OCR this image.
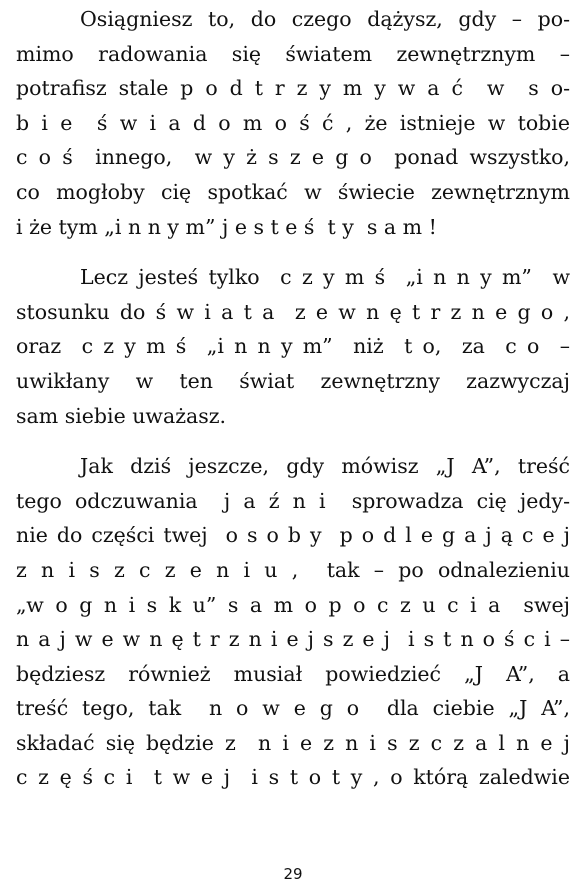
Osiągniesz to, do czego dążysz, gdy – po-
mimo radowania się światem zewnętrznym –
potrafisz stale p o d t r z y m y w a ć  w  s o-
b i e  ś w i a d o m o ś ć , że istnieje w tobie
c o ś  innego,  w y ż s z e g o  ponad wszystko,
co mogłoby cię spotkać w świecie zewnętrznym
i że tym „i n n y m” j e s t e ś  t y  s a m !
Lecz jesteś tylko  c z y m ś  „i n n y m”  w
stosunku do ś w i a t a  z e w n ę t r z n e g o ,
oraz  c z y m ś  „i n n y m”  niż  t o,  za  c o  –
uwikłany w ten świat zewnętrzny zazwyczaj
sam siebie uważasz.
Jak dziś jeszcze, gdy mówisz „J A”, treść
tego odczuwania  j a ź n i  sprowadza cię jedy-
nie do części twej  o s o b y  p o d l e g a j ą c e j
z n i s z c z e n i u ,  tak – po odnalezieniu
„w o g n i s k u” s a m o p o c z u c i a  swej
n a j w e w n ę t r z n i e j s z e j  i s t n o ś c i –
będziesz również musiał powiedzieć „J A”, a
treść tego, tak  n o w e g o  dla ciebie „J A”,
składać się będzie z  n i e z n i s z c z a l n e j
c z ę ś c i  t w e j  i s t o t y , o którą zaledwie
29
